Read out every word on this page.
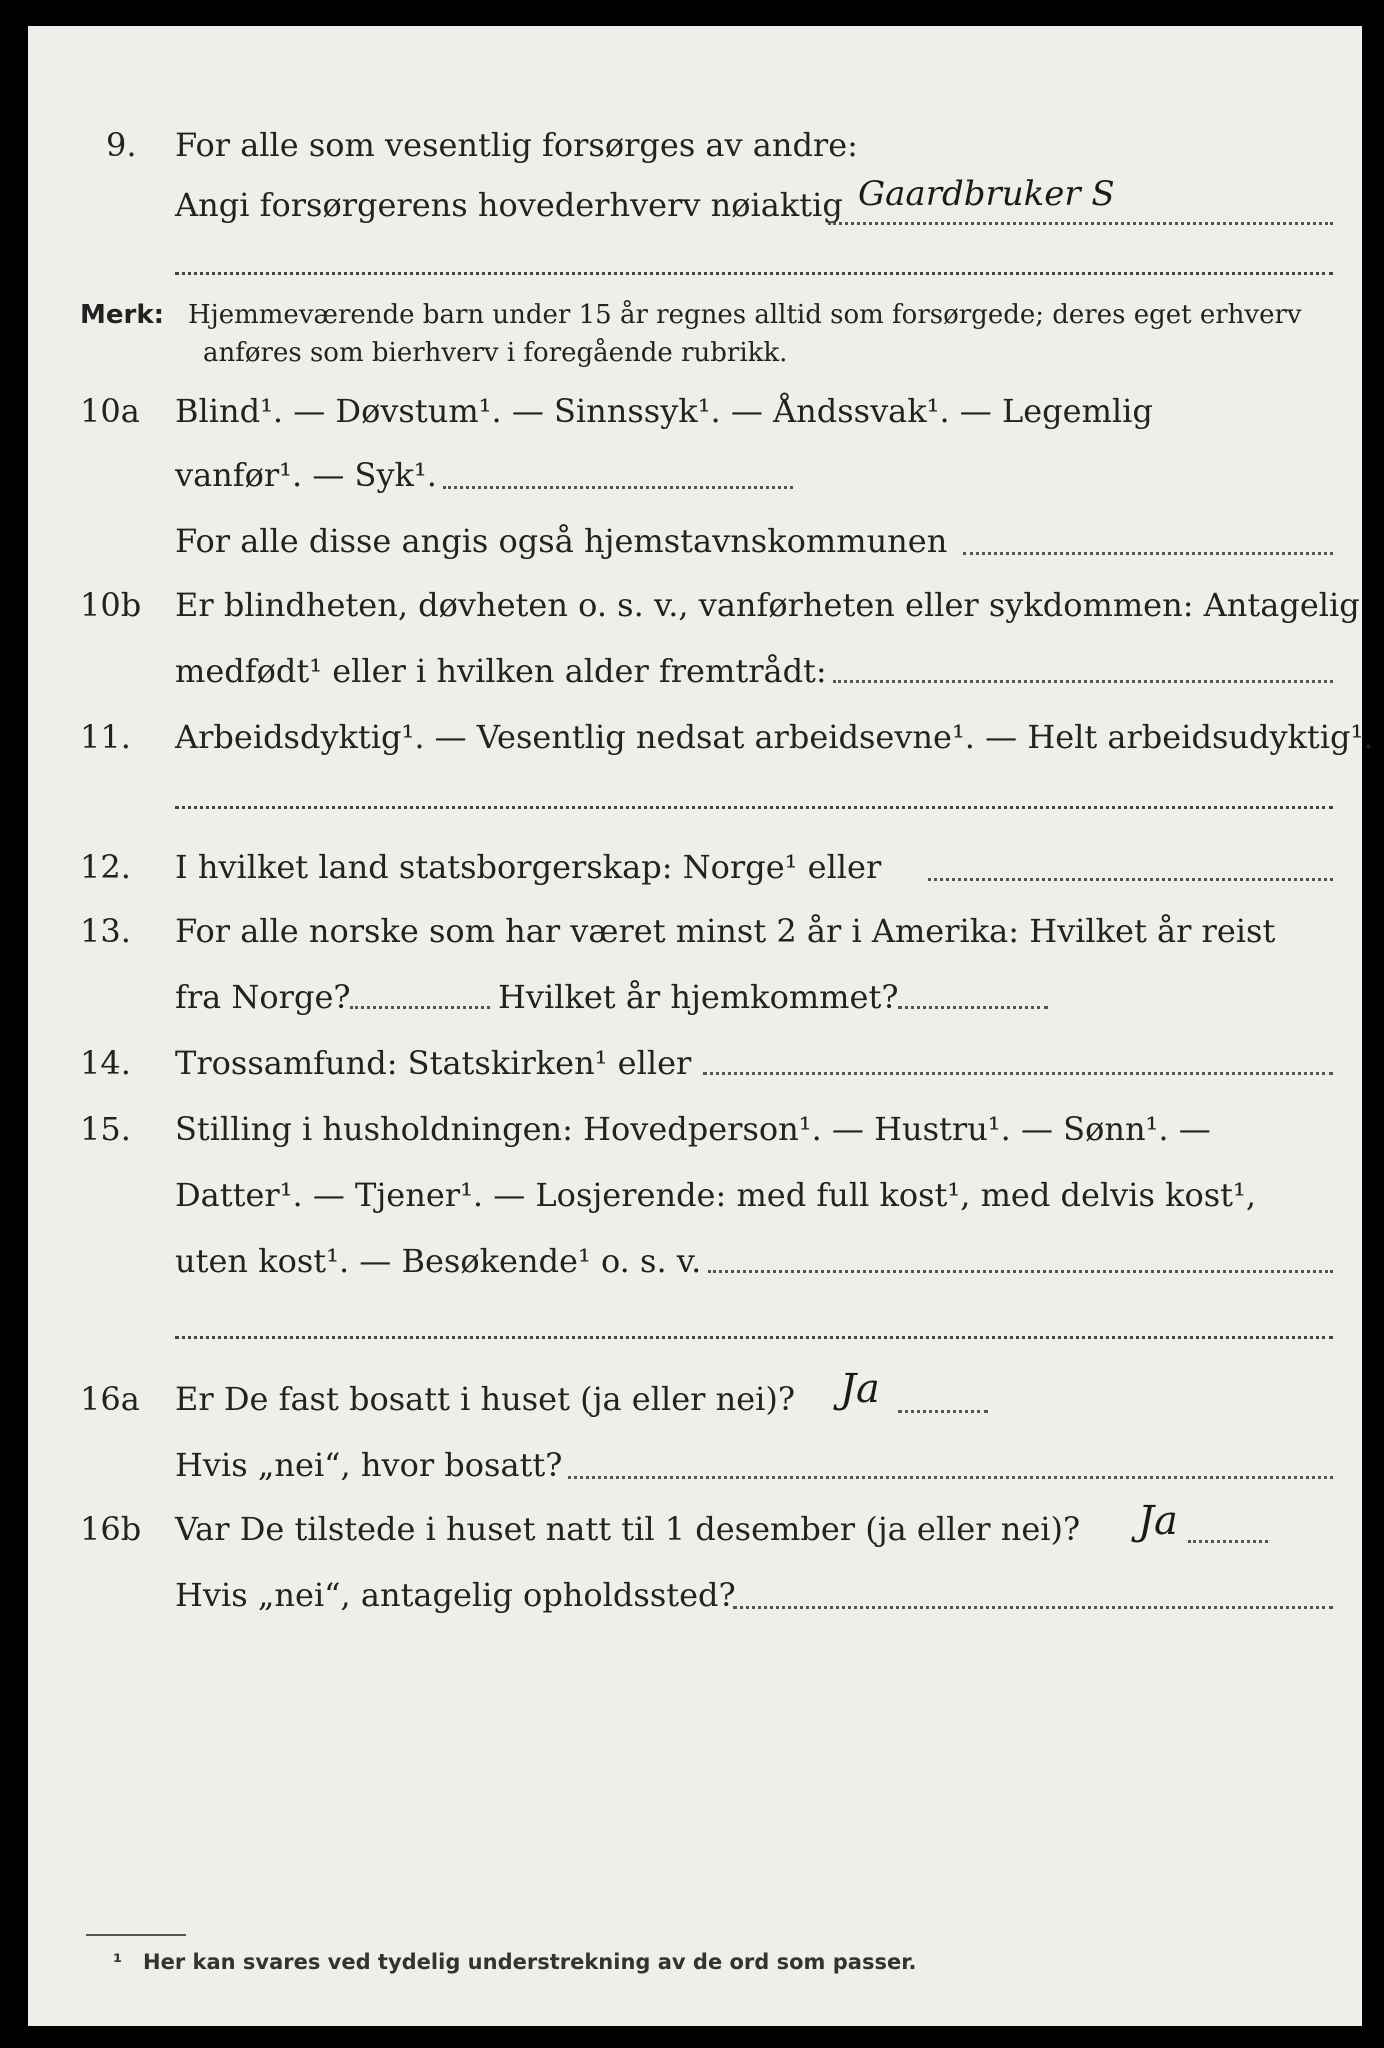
9. For alle som vesentlig forsørges av andre:
Angi forsørgerens hovederhverv nøiaktig Gaardbruker S
Merk: Hjemmeværende barn under 15 år regnes alltid som forsørgede; deres eget erhverv
anføres som bierhverv i foregående rubrikk.
10a Blind¹. — Døvstum¹. — Sinnssyk¹. — Åndssvak¹. — Legemlig
vanfør¹. — Syk¹.
For alle disse angis også hjemstavnskommunen
10b Er blindheten, døvheten o. s. v., vanførheten eller sykdommen: Antagelig
medfødt¹ eller i hvilken alder fremtrådt:
11. Arbeidsdyktig¹. — Vesentlig nedsat arbeidsevne¹. — Helt arbeidsudyktig¹.
12. I hvilket land statsborgerskap: Norge¹ eller
13. For alle norske som har været minst 2 år i Amerika: Hvilket år reist
fra Norge?	Hvilket år hjemkommet?
14. Trossamfund: Statskirken¹ eller
15. Stilling i husholdningen: Hovedperson¹. — Hustru¹. — Sønn¹. —
Datter¹. — Tjener¹. — Losjerende: med full kost¹, med delvis kost¹,
uten kost¹. — Besøkende¹ o. s. v.
16a Er De fast bosatt i huset (ja eller nei)? Ja
Hvis „nei“, hvor bosatt?
16b Var De tilstede i huset natt til 1 desember (ja eller nei)? Ja
Hvis „nei“, antagelig opholdssted?
¹ Her kan svares ved tydelig understrekning av de ord som passer.
